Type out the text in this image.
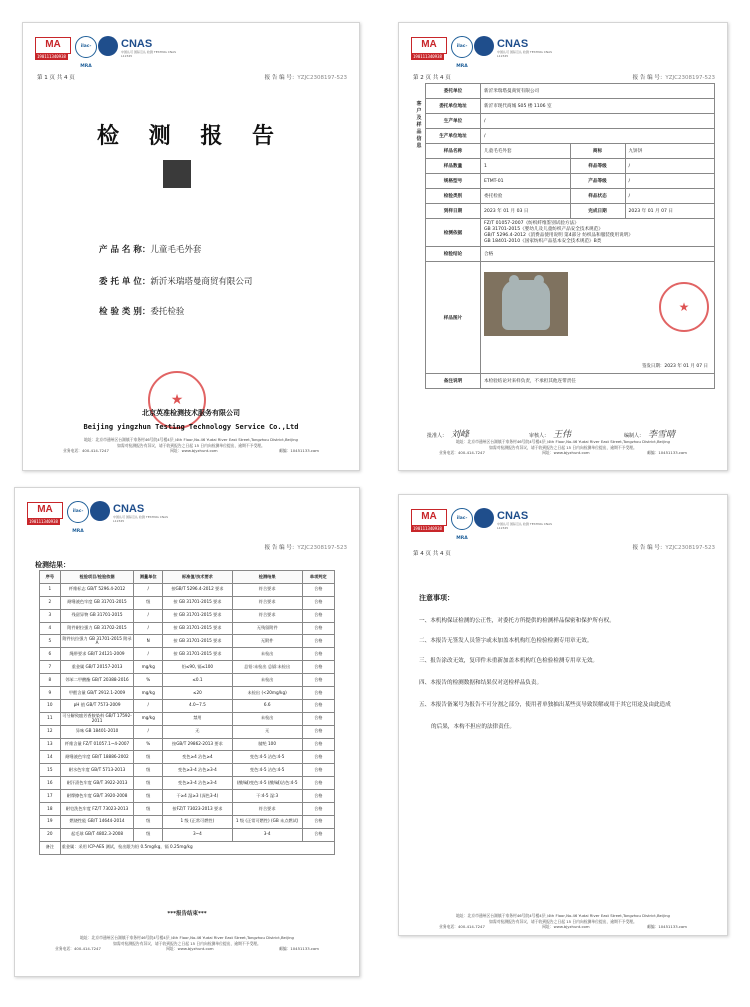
MA
190111340938
ilac-MRA
CNAS
中国认可 国际互认 检测 TESTING CNAS L12345
第 1 页 共 4 页	报 告 编 号：YZJC2308197-523
检 测 报 告
产 品 名 称：儿童毛毛外套
委 托 单 位：新沂米瑞塔曼商贸有限公司
检 验 类 别：委托检验
★
北京英准检测技术服务有限公司
Beijing yingzhun Testing Technology Service Co.,Ltd
地址：北京市通州区台湖镇于家务村46号院4号楼4层 /4th Floor,No.46 Yudai River East Street,Tongzhou District,Beijing
如需对检测报告有异议，请于收到报告之日起 15 日内向检测单位提出，逾期不予受理。
业务电话：400-414-7247	网址：www.bjyzhunt.com	邮编：10451133.com
MA
190111340938
ilac-MRA
CNAS
中国认可 国际互认 检测 TESTING CNAS L12345
第 2 页 共 4 页	报 告 编 号：YZJC2308197-523
客户及样品信息
委托单位	新沂米瑞塔曼商贸有限公司		
委托单位地址	新沂市现代商城 S05 楼 1106 室		
生产单位	/		
生产单位地址	/		
样品名称	儿童毛毛外套	商标	九饼饼
样品数量	1	样品等级	/
规格型号	ETMT-01	产品等级	/
检验类别	委托检验	样品状态	/
到样日期	2023 年 01 月 03 日	完成日期	2023 年 01 月 07 日
检测依据	FZ/T 01057-2007《纺织纤维鉴别试验方法》
GB 31701-2015《婴幼儿及儿童纺织产品安全技术规范》
GB/T 5296.4-2012《消费品使用说明 第4部分 纺织品和服装使用说明》
GB 18401-2010《国家纺织产品基本安全技术规范》B类		

检验结论	合格		
样品图片	★
签发日期：2023 年 01 月 07 日		

备注说明	本检验结论对来样负责，不承担其他连带责任		
批准人： 刘峰	审核人： 王伟	编制人： 李雪晴
地址：北京市通州区台湖镇于家务村46号院4号楼4层 /4th Floor,No.46 Yudai River East Street,Tongzhou District,Beijing
如需对检测报告有异议，请于收到报告之日起 15 日内向检测单位提出，逾期不予受理。
业务电话：400-414-7247	网址：www.bjyzhunt.com	邮编：10451133.com
MA
190111340938
ilac-MRA
CNAS
中国认可 国际互认 检测 TESTING CNAS L12345
报 告 编 号：YZJC2308197-523
检测结果：
序号	检验项目/检验依据	测量单位	标准值/技术要求	检测结果	单项判定
1	纤维标志 GB/T 5296.4-2012	/	按GB/T 5296.4-2012 要求	符合要求	合格
2	耐唾液色牢度 GB 31701-2015	级	按 GB 31701-2015 要求	符合要求	合格
3	残留异物 GB 31701-2015	/	按 GB 31701-2015 要求	符合要求	合格
4	附件耐拉强力 GB 31702-2015	/	按 GB 31701-2015 要求	无残留附件	合格
5	附件抗拉强力 GB 31701-2015 附录A	N	按 GB 31701-2015 要求	无附件	合格
6	绳带要求 GB/T 24121-2009	/	按 GB 31701-2015 要求	未检出	合格
7	重金属 GB/T 20157-2013	mg/kg	铅≤90, 镉≤100	总铅:未检出 总镉:未检出	合格
8	邻苯二甲酸酯 GB/T 20388-2016	%	≤0.1	未检出	合格
9	甲醛含量 GB/T 2912.1-2009	mg/kg	≤20	未检出 (<20mg/kg)	合格
10	pH 值 GB/T 7573-2009	/	4.0~7.5	6.6	合格
11	可分解致癌芳香胺染料 GB/T 17592-2011	mg/kg	禁用	未检出	合格
12	异味 GB 18401-2010	/	无	无	合格
13	纤维含量 FZ/T 01057.1~4-2007	%	按GB/T 29862-2013 要求	腈纶 100	合格
14	耐唾液色牢度 GB/T 18886-2002	级	变色≥4 沾色≥4	变色:4-5 沾色:4-5	合格
15	耐水色牢度 GB/T 5713-2013	级	变色≥3-4 沾色≥3-4	变色:4-5 沾色:4-5	合格
16	耐汗渍色牢度 GB/T 3922-2013	级	变色≥3-4 沾色≥3-4	(酸/碱)变色:4-5 (酸/碱)沾色:4-5	合格
17	耐摩擦色牢度 GB/T 3920-2008	级	干≥4 湿≥3 (深色3-4)	干:4-5 湿:3	合格
18	耐皂洗色牢度 FZ/T 73023-2013	级	按FZ/T 73023-2013 要求	符合要求	合格
19	燃烧性能 GB/T 14644-2014	级	1 级 (正常可燃性)	1 级 (正常可燃性) (GB 未点燃试)	合格
20	起毛球 GB/T 4802.3-2008	级	3~4	3-4	合格
备注	重金属：采用 ICP-AES 测试，检出限为铅 0.5mg/kg，镉 0.25mg/kg				
***报告结束***
地址：北京市通州区台湖镇于家务村46号院4号楼4层 /4th Floor,No.46 Yudai River East Street,Tongzhou District,Beijing
如需对检测报告有异议，请于收到报告之日起 15 日内向检测单位提出，逾期不予受理。
业务电话：400-414-7247	网址：www.bjyzhunt.com	邮编：10451133.com
MA
190111340938
ilac-MRA
CNAS
中国认可 国际互认 检测 TESTING CNAS L12345
第 4 页 共 4 页
报 告 编 号：YZJC2308197-523
注意事项：
一、本机构保证检测的公正性，对委托方所提供的检测样品保密和保护所有权。
二、本报告无签发人员签字或未加盖本机构红色检验检测专用章无效。
三、报告涂改无效，复印件未重新加盖本机构红色检验检测专用章无效。
四、本报告的检测数据和结果仅对送检样品负责。
五、本报告备案号为报告不可分割之部分，使用者单独抽出某些页导致误解或用于其它用途及由此造成
的后果，本构不担应的法律责任。
地址：北京市通州区台湖镇于家务村46号院4号楼4层 /4th Floor,No.46 Yudai River East Street,Tongzhou District,Beijing
如需对检测报告有异议，请于收到报告之日起 15 日内向检测单位提出，逾期不予受理。
业务电话：400-414-7247	网址：www.bjyzhunt.com	邮编：10451133.com
